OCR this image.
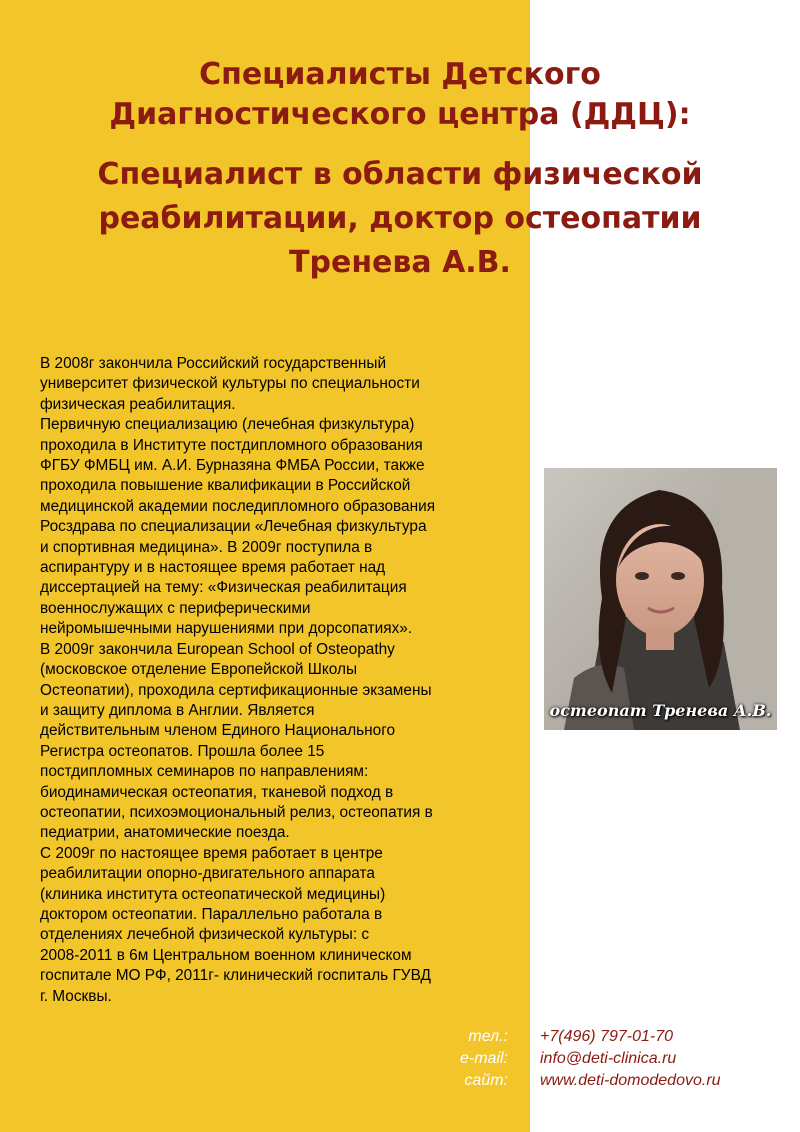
Специалисты Детского
Диагностического центра (ДДЦ):
Специалист в области физической
реабилитации, доктор остеопатии
Тренева А.В.

В 2008г закончила Российский государственный
университет физической культуры по специальности
физическая реабилитация.
Первичную специализацию (лечебная физкультура)
проходила в Институте постдипломного образования
ФГБУ ФМБЦ им. А.И. Бурназяна ФМБА России, также
проходила повышение квалификации в Российской
медицинской академии последипломного образования
Росздрава по специализации «Лечебная физкультура
и спортивная медицина». В 2009г поступила в
аспирантуру и в настоящее время работает над
диссертацией на тему: «Физическая реабилитация
военнослужащих с периферическими
нейромышечными нарушениями при дорсопатиях».
В 2009г закончила European School of Osteopathy
(московское отделение Европейской Школы
Остеопатии), проходила сертификационные экзамены
и защиту диплома в Англии. Является
действительным членом Единого Национального
Регистра остеопатов. Прошла более 15
постдипломных семинаров по направлениям:
биодинамическая остеопатия, тканевой подход в
остеопатии, психоэмоциональный релиз, остеопатия в
педиатрии, анатомические поезда.
С 2009г по настоящее время работает в центре
реабилитации опорно-двигательного аппарата
(клиника института остеопатической медицины)
доктором остеопатии. Параллельно работала в
отделениях лечебной физической культуры: с
2008-2011 в 6м Центральном военном клиническом
госпитале МО РФ, 2011г- клинический госпиталь ГУВД
г. Москвы.

остеопат Тренева А.В.
тел.:
e-mail:
сайт:
+7(496) 797-01-70
info@deti-clinica.ru
www.deti-domodedovo.ru
